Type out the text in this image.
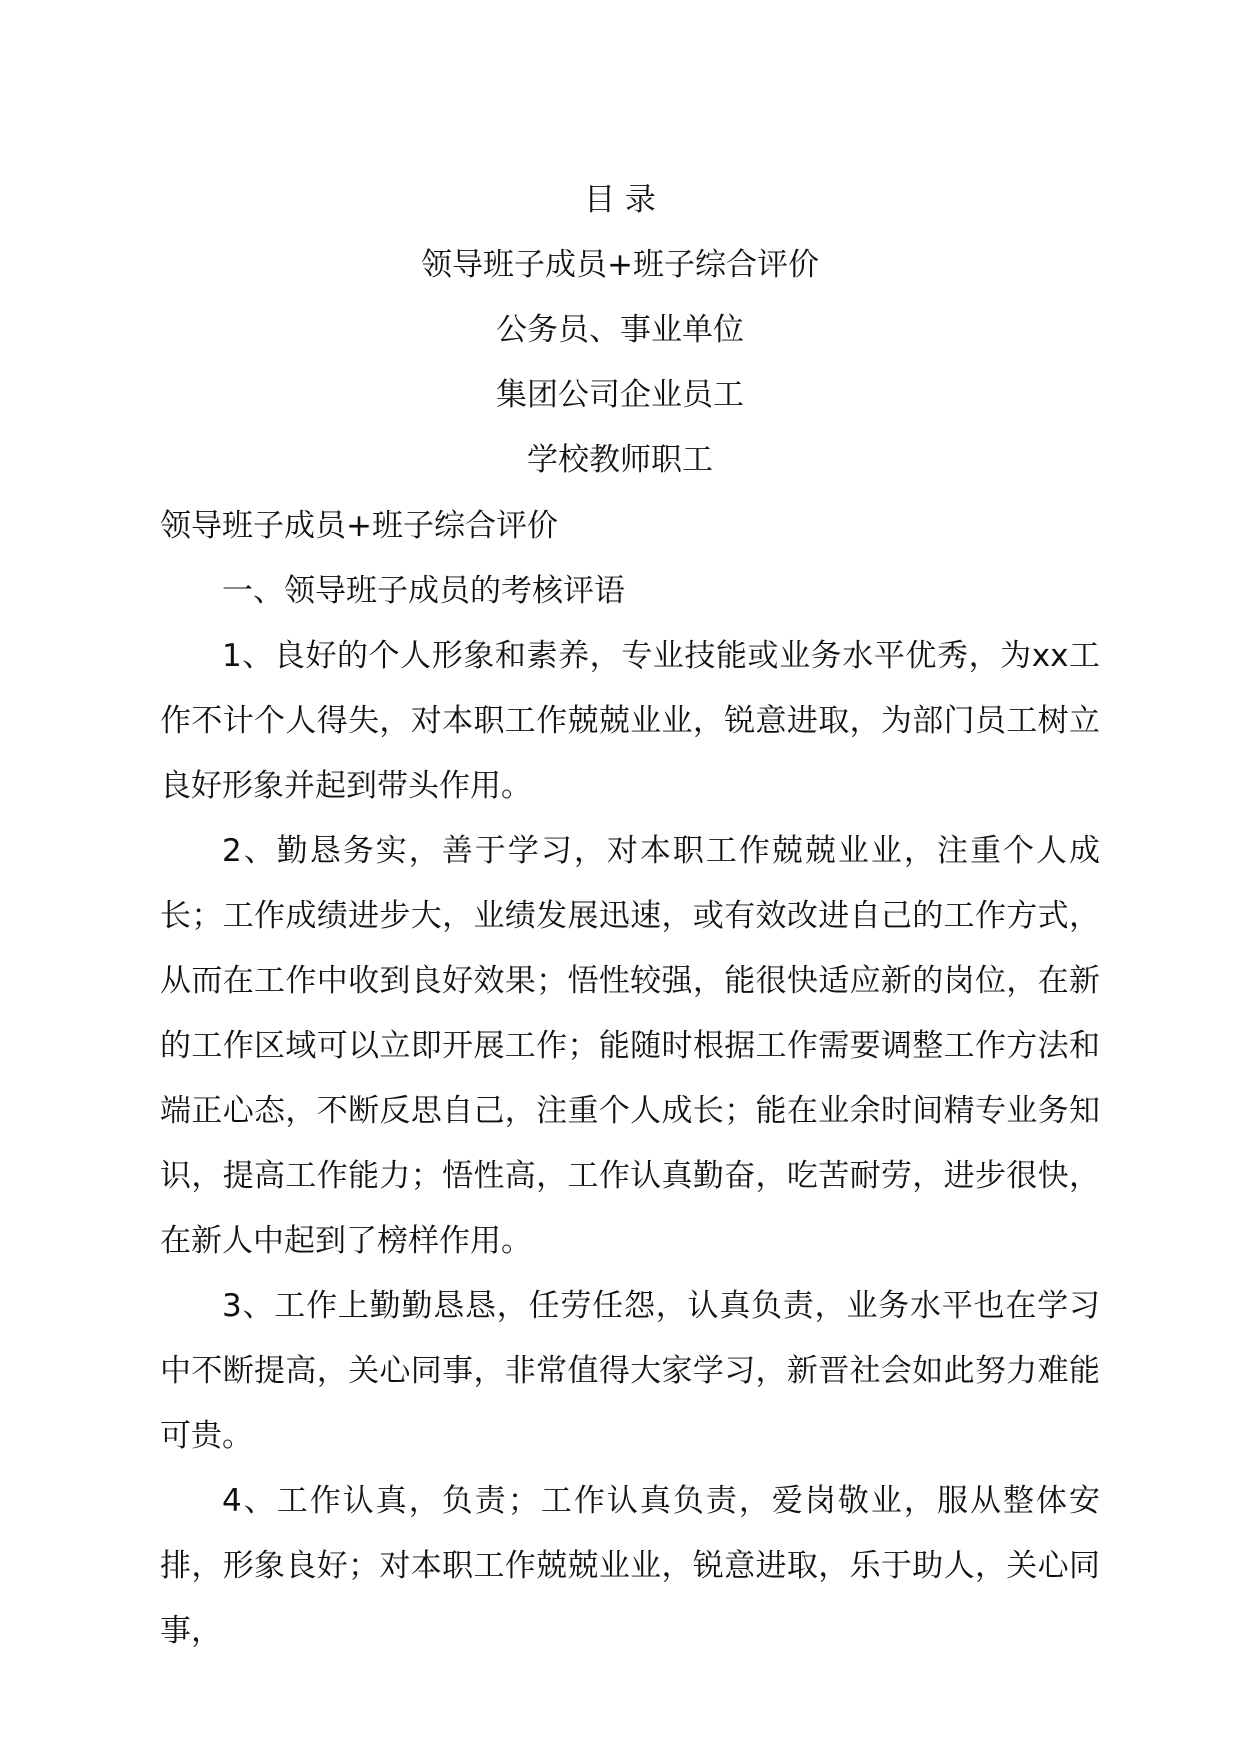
目 录
领导班子成员+班子综合评价
公务员、事业单位
集团公司企业员工
学校教师职工

领导班子成员+班子综合评价

一、领导班子成员的考核评语

1、良好的个人形象和素养，专业技能或业务水平优秀，为xx工作不计个人得失，对本职工作兢兢业业，锐意进取，为部门员工树立良好形象并起到带头作用。

2、勤恳务实，善于学习，对本职工作兢兢业业，注重个人成长；工作成绩进步大，业绩发展迅速，或有效改进自己的工作方式，从而在工作中收到良好效果；悟性较强，能很快适应新的岗位，在新的工作区域可以立即开展工作；能随时根据工作需要调整工作方法和端正心态，不断反思自己，注重个人成长；能在业余时间精专业务知识，提高工作能力；悟性高，工作认真勤奋，吃苦耐劳，进步很快，在新人中起到了榜样作用。

3、工作上勤勤恳恳，任劳任怨，认真负责，业务水平也在学习中不断提高，关心同事，非常值得大家学习，新晋社会如此努力难能可贵。

4、工作认真，负责；工作认真负责，爱岗敬业，服从整体安排，形象良好；对本职工作兢兢业业，锐意进取，乐于助人，关心同事，
